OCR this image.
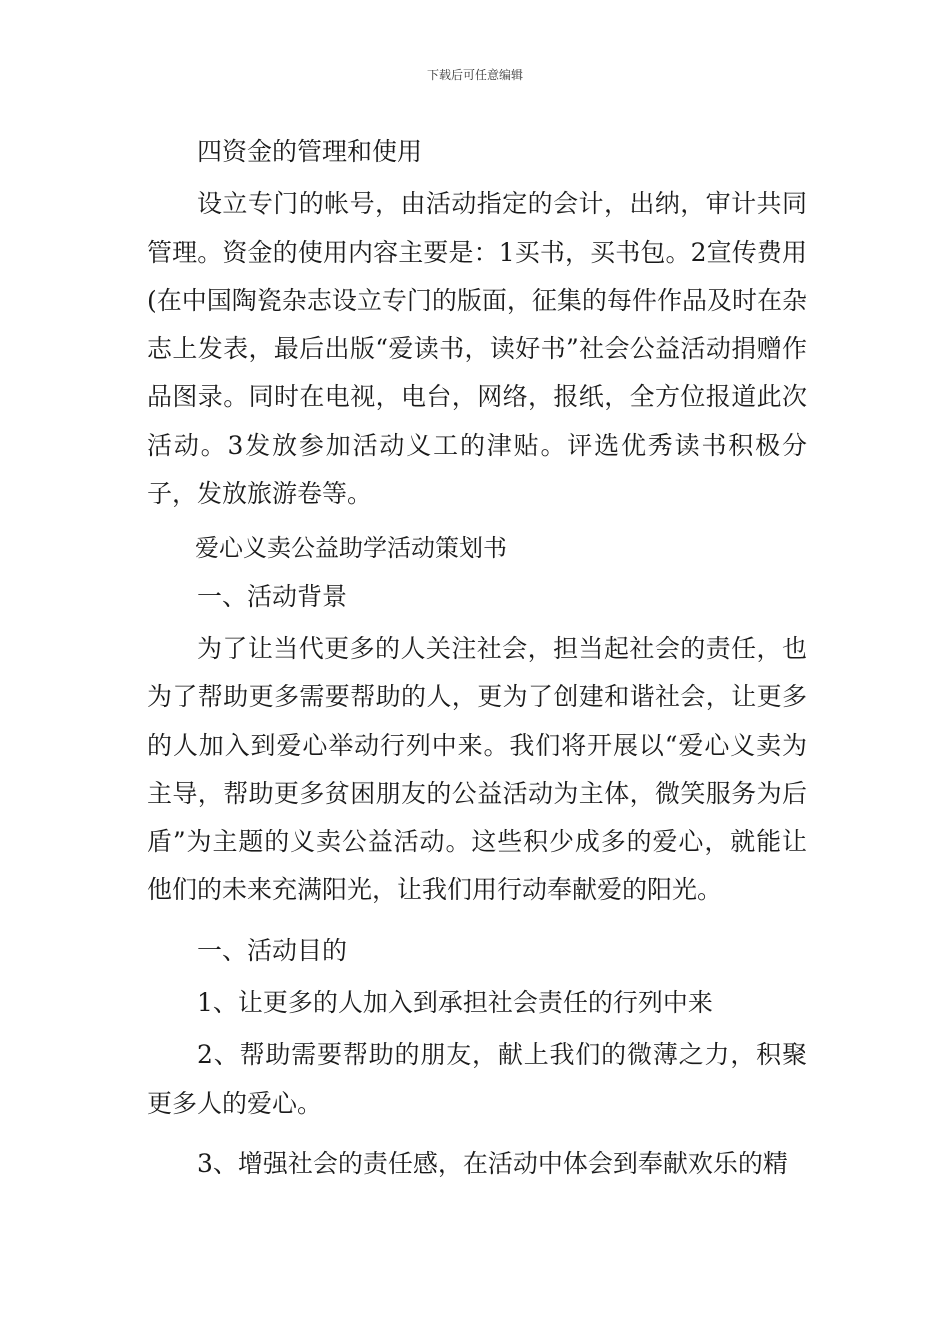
下载后可任意编辑

四资金的管理和使用

设立专门的帐号，由活动指定的会计，出纳，审计共同管理。资金的使用内容主要是：1买书，买书包。2宣传费用(在中国陶瓷杂志设立专门的版面，征集的每件作品及时在杂志上发表，最后出版“爱读书，读好书”社会公益活动捐赠作品图录。同时在电视，电台，网络，报纸，全方位报道此次活动。3发放参加活动义工的津贴。评选优秀读书积极分子，发放旅游卷等。

爱心义卖公益助学活动策划书

一、活动背景

为了让当代更多的人关注社会，担当起社会的责任，也为了帮助更多需要帮助的人，更为了创建和谐社会，让更多的人加入到爱心举动行列中来。我们将开展以“爱心义卖为主导，帮助更多贫困朋友的公益活动为主体，微笑服务为后盾”为主题的义卖公益活动。这些积少成多的爱心，就能让他们的未来充满阳光，让我们用行动奉献爱的阳光。

一、活动目的

1、让更多的人加入到承担社会责任的行列中来

2、帮助需要帮助的朋友，献上我们的微薄之力，积聚更多人的爱心。

3、增强社会的责任感，在活动中体会到奉献欢乐的精
